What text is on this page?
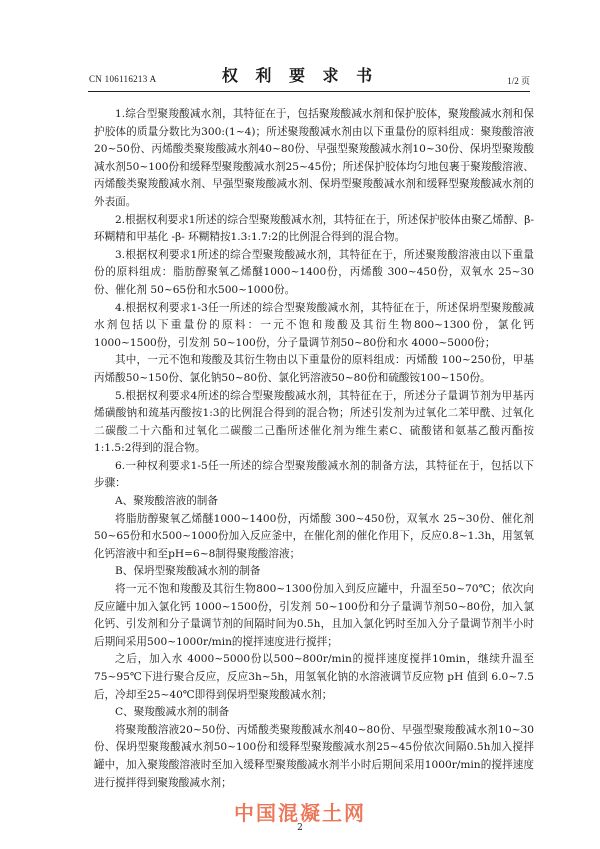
CN 106116213 A	权 利 要 求 书	1/2 页

1.综合型聚羧酸减水剂，其特征在于，包括聚羧酸减水剂和保护胶体，聚羧酸减水剂和保护胶体的质量分数比为300:(1~4)；所述聚羧酸减水剂由以下重量份的原料组成：聚羧酸溶液20~50份、丙烯酸类聚羧酸减水剂40~80份、早强型聚羧酸减水剂10~30份、保坍型聚羧酸减水剂50~100份和缓释型聚羧酸减水剂25~45份；所述保护胶体均匀地包裹于聚羧酸溶液、丙烯酸类聚羧酸减水剂、早强型聚羧酸减水剂、保坍型聚羧酸减水剂和缓释型聚羧酸减水剂的外表面。

2.根据权利要求1所述的综合型聚羧酸减水剂，其特征在于，所述保护胶体由聚乙烯醇、β- 环糊精和甲基化 -β- 环糊精按1.3:1.7:2的比例混合得到的混合物。

3.根据权利要求1所述的综合型聚羧酸减水剂，其特征在于，所述聚羧酸溶液由以下重量份的原料组成：脂肪醇聚氧乙烯醚1000~1400份，丙烯酸 300~450份，双氧水 25~30份、催化剂 50~65份和水500~1000份。

4.根据权利要求1-3任一所述的综合型聚羧酸减水剂，其特征在于，所述保坍型聚羧酸减水剂包括以下重量份的原料：一元不饱和羧酸及其衍生物800~1300份，氯化钙 1000~1500份，引发剂 50~100份，分子量调节剂50~80份和水 4000~5000份；

其中，一元不饱和羧酸及其衍生物由以下重量份的原料组成：丙烯酸 100~250份，甲基丙烯酸50~150份、氯化钠50~80份、氯化钙溶液50~80份和硫酸铵100~150份。

5.根据权利要求4所述的综合型聚羧酸减水剂，其特征在于，所述分子量调节剂为甲基丙烯磺酸钠和巯基丙酸按1:3的比例混合得到的混合物；所述引发剂为过氧化二苯甲酰、过氧化二碳酸二十六酯和过氧化二碳酸二己酯所述催化剂为维生素C、硫酸锗和氨基乙酸丙酯按1:1.5:2得到的混合物。

6.一种权利要求1-5任一所述的综合型聚羧酸减水剂的制备方法，其特征在于，包括以下步骤：

A、聚羧酸溶液的制备

将脂肪醇聚氧乙烯醚1000~1400份，丙烯酸 300~450份，双氧水 25~30份、催化剂 50~65份和水500~1000份加入反应釜中，在催化剂的催化作用下，反应0.8~1.3h，用氢氧化钙溶液中和至pH=6~8制得聚羧酸溶液；

B、保坍型聚羧酸减水剂的制备

将一元不饱和羧酸及其衍生物800~1300份加入到反应罐中，升温至50~70℃；依次向反应罐中加入氯化钙 1000~1500份，引发剂 50~100份和分子量调节剂50~80份，加入氯化钙、引发剂和分子量调节剂的间隔时间为0.5h，且加入氯化钙时至加入分子量调节剂半小时后期间采用500~1000r/min的搅拌速度进行搅拌；

之后，加入水 4000~5000份以500~800r/min的搅拌速度搅拌10min，继续升温至75~95℃下进行聚合反应，反应3h~5h，用氢氧化钠的水溶液调节反应物 pH 值到 6.0~7.5后，冷却至25~40℃即得到保坍型聚羧酸减水剂；

C、聚羧酸减水剂的制备

将聚羧酸溶液20~50份、丙烯酸类聚羧酸减水剂40~80份、早强型聚羧酸减水剂10~30份、保坍型聚羧酸减水剂50~100份和缓释型聚羧酸减水剂25~45份依次间隔0.5h加入搅拌罐中，加入聚羧酸溶液时至加入缓释型聚羧酸减水剂半小时后期间采用1000r/min的搅拌速度进行搅拌得到聚羧酸减水剂；

中国混凝土网
2
